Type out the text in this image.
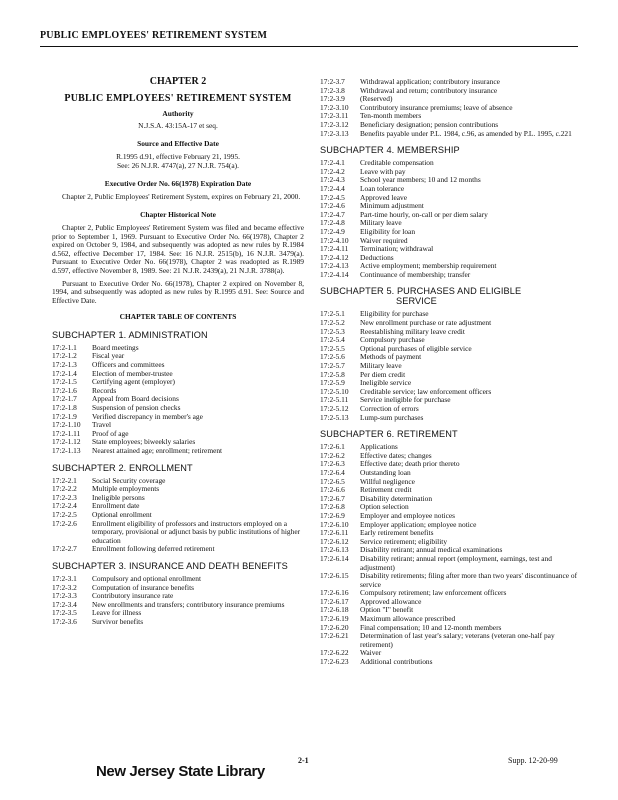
PUBLIC EMPLOYEES' RETIREMENT SYSTEM
CHAPTER 2
PUBLIC EMPLOYEES' RETIREMENT SYSTEM
Authority

N.J.S.A. 43:15A-17 et seq.

Source and Effective Date

R.1995 d.91, effective February 21, 1995.

See: 26 N.J.R. 4747(a), 27 N.J.R. 754(a).

Executive Order No. 66(1978) Expiration Date

Chapter 2, Public Employees' Retirement System, expires on February 21, 2000.

Chapter Historical Note

Chapter 2, Public Employees' Retirement System was filed and became effective prior to September 1, 1969. Pursuant to Executive Order No. 66(1978), Chapter 2 expired on October 9, 1984, and subsequently was adopted as new rules by R.1984 d.562, effective December 17, 1984. See: 16 N.J.R. 2515(b), 16 N.J.R. 3479(a). Pursuant to Executive Order No. 66(1978), Chapter 2 was readopted as R.1989 d.597, effective November 8, 1989. See: 21 N.J.R. 2439(a), 21 N.J.R. 3788(a).

Pursuant to Executive Order No. 66(1978), Chapter 2 expired on November 8, 1994, and subsequently was adopted as new rules by R.1995 d.91. See: Source and Effective Date.

CHAPTER TABLE OF CONTENTS
SUBCHAPTER 1. ADMINISTRATION
17:2-1.1	Board meetings
17:2-1.2	Fiscal year
17:2-1.3	Officers and committees
17:2-1.4	Election of member-trustee
17:2-1.5	Certifying agent (employer)
17:2-1.6	Records
17:2-1.7	Appeal from Board decisions
17:2-1.8	Suspension of pension checks
17:2-1.9	Verified discrepancy in member's age
17:2-1.10	Travel
17:2-1.11	Proof of age
17:2-1.12	State employees; biweekly salaries
17:2-1.13	Nearest attained age; enrollment; retirement
SUBCHAPTER 2. ENROLLMENT
17:2-2.1	Social Security coverage
17:2-2.2	Multiple employments
17:2-2.3	Ineligible persons
17:2-2.4	Enrollment date
17:2-2.5	Optional enrollment
17:2-2.6	Enrollment eligibility of professors and instructors employed on a temporary, provisional or adjunct basis by public institutions of higher education
17:2-2.7	Enrollment following deferred retirement
SUBCHAPTER 3. INSURANCE AND DEATH BENEFITS
17:2-3.1	Compulsory and optional enrollment
17:2-3.2	Computation of insurance benefits
17:2-3.3	Contributory insurance rate
17:2-3.4	New enrollments and transfers; contributory insurance premiums
17:2-3.5	Leave for illness
17:2-3.6	Survivor benefits
17:2-3.7	Withdrawal application; contributory insurance
17:2-3.8	Withdrawal and return; contributory insurance
17:2-3.9	(Reserved)
17:2-3.10	Contributory insurance premiums; leave of absence
17:2-3.11	Ten-month members
17:2-3.12	Beneficiary designation; pension contributions
17:2-3.13	Benefits payable under P.L. 1984, c.96, as amended by P.L. 1995, c.221
SUBCHAPTER 4. MEMBERSHIP
17:2-4.1	Creditable compensation
17:2-4.2	Leave with pay
17:2-4.3	School year members; 10 and 12 months
17:2-4.4	Loan tolerance
17:2-4.5	Approved leave
17:2-4.6	Minimum adjustment
17:2-4.7	Part-time hourly, on-call or per diem salary
17:2-4.8	Military leave
17:2-4.9	Eligibility for loan
17:2-4.10	Waiver required
17:2-4.11	Termination; withdrawal
17:2-4.12	Deductions
17:2-4.13	Active employment; membership requirement
17:2-4.14	Continuance of membership; transfer
SUBCHAPTER 5. PURCHASES AND ELIGIBLE
SERVICE
17:2-5.1	Eligibility for purchase
17:2-5.2	New enrollment purchase or rate adjustment
17:2-5.3	Reestablishing military leave credit
17:2-5.4	Compulsory purchase
17:2-5.5	Optional purchases of eligible service
17:2-5.6	Methods of payment
17:2-5.7	Military leave
17:2-5.8	Per diem credit
17:2-5.9	Ineligible service
17:2-5.10	Creditable service; law enforcement officers
17:2-5.11	Service ineligible for purchase
17:2-5.12	Correction of errors
17:2-5.13	Lump-sum purchases
SUBCHAPTER 6. RETIREMENT
17:2-6.1	Applications
17:2-6.2	Effective dates; changes
17:2-6.3	Effective date; death prior thereto
17:2-6.4	Outstanding loan
17:2-6.5	Willful negligence
17:2-6.6	Retirement credit
17:2-6.7	Disability determination
17:2-6.8	Option selection
17:2-6.9	Employer and employee notices
17:2-6.10	Employer application; employee notice
17:2-6.11	Early retirement benefits
17:2-6.12	Service retirement; eligibility
17:2-6.13	Disability retirant; annual medical examinations
17:2-6.14	Disability retirant; annual report (employment, earnings, test and adjustment)
17:2-6.15	Disability retirements; filing after more than two years' discontinuance of service
17:2-6.16	Compulsory retirement; law enforcement officers
17:2-6.17	Approved allowance
17:2-6.18	Option "I" benefit
17:2-6.19	Maximum allowance prescribed
17:2-6.20	Final compensation; 10 and 12-month members
17:2-6.21	Determination of last year's salary; veterans (veteran one-half pay retirement)
17:2-6.22	Waiver
17:2-6.23	Additional contributions
New Jersey State Library
2-1	Supp. 12-20-99
